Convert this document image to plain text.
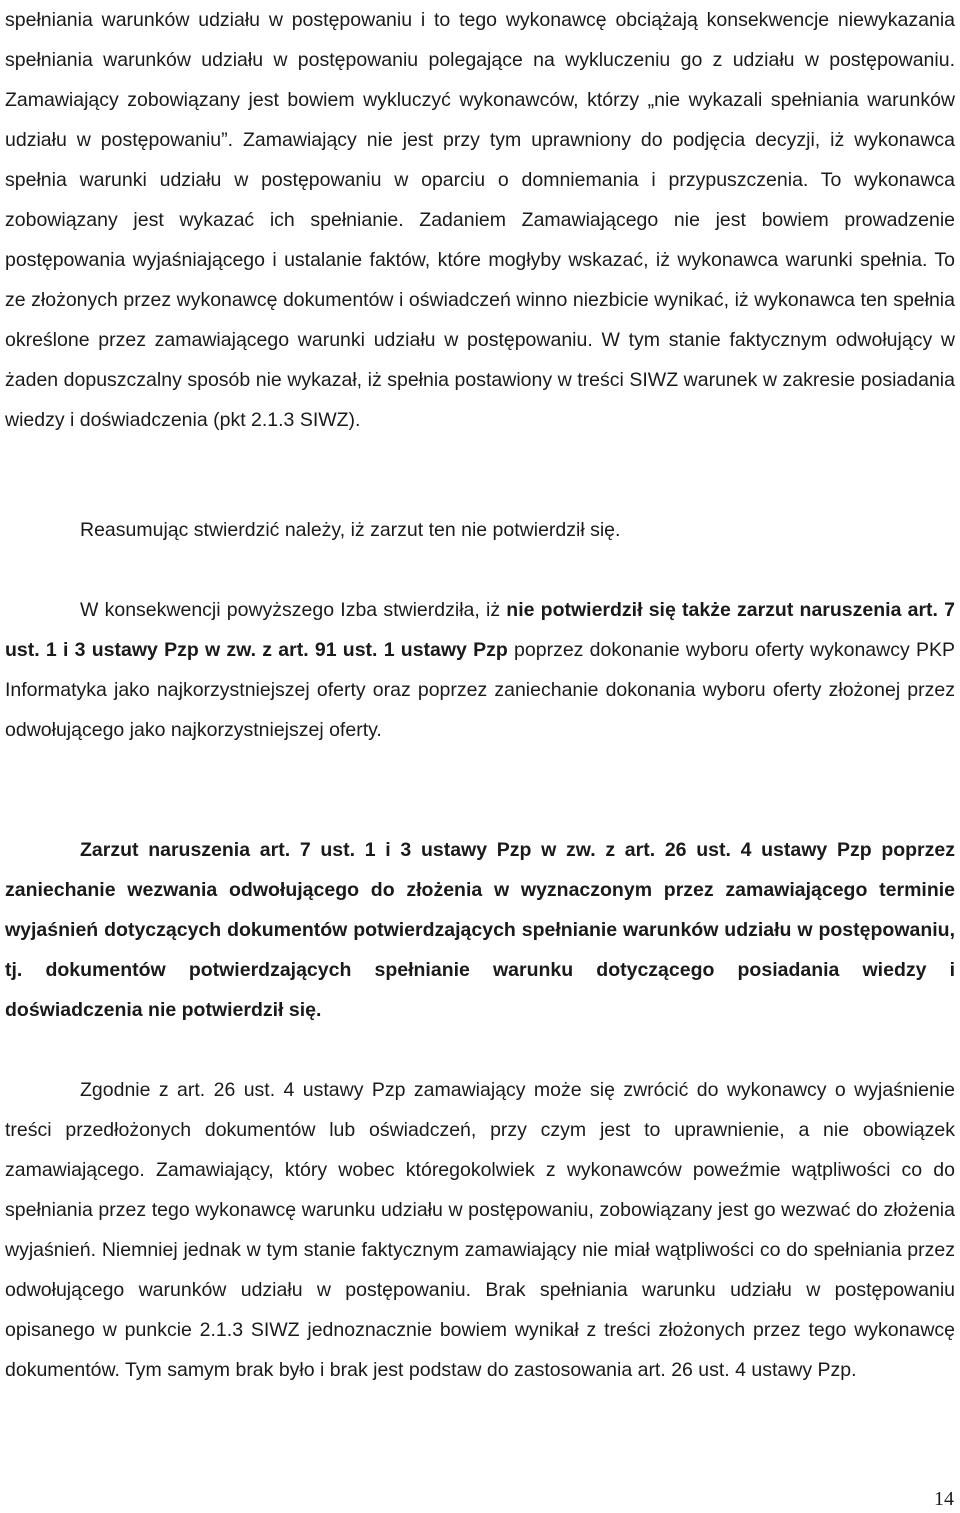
spełniania warunków udziału w postępowaniu i to tego wykonawcę obciążają konsekwencje niewykazania spełniania warunków udziału w postępowaniu polegające na wykluczeniu go z udziału w postępowaniu. Zamawiający zobowiązany jest bowiem wykluczyć wykonawców, którzy „nie wykazali spełniania warunków udziału w postępowaniu”. Zamawiający nie jest przy tym uprawniony do podjęcia decyzji, iż wykonawca spełnia warunki udziału w postępowaniu w oparciu o domniemania i przypuszczenia. To wykonawca zobowiązany jest wykazać ich spełnianie. Zadaniem Zamawiającego nie jest bowiem prowadzenie postępowania wyjaśniającego i ustalanie faktów, które mogłyby wskazać, iż wykonawca warunki spełnia. To ze złożonych przez wykonawcę dokumentów i oświadczeń winno niezbicie wynikać, iż wykonawca ten spełnia określone przez zamawiającego warunki udziału w postępowaniu. W tym stanie faktycznym odwołujący w żaden dopuszczalny sposób nie wykazał, iż spełnia postawiony w treści SIWZ warunek w zakresie posiadania wiedzy i doświadczenia (pkt 2.1.3 SIWZ).

Reasumując stwierdzić należy, iż zarzut ten nie potwierdził się.

W konsekwencji powyższego Izba stwierdziła, iż nie potwierdził się także zarzut naruszenia art. 7 ust. 1 i 3 ustawy Pzp w zw. z art. 91 ust. 1 ustawy Pzp poprzez dokonanie wyboru oferty wykonawcy PKP Informatyka jako najkorzystniejszej oferty oraz poprzez zaniechanie dokonania wyboru oferty złożonej przez odwołującego jako najkorzystniejszej oferty.

Zarzut naruszenia art. 7 ust. 1 i 3 ustawy Pzp w zw. z art. 26 ust. 4 ustawy Pzp poprzez zaniechanie wezwania odwołującego do złożenia w wyznaczonym przez zamawiającego terminie wyjaśnień dotyczących dokumentów potwierdzających spełnianie warunków udziału w postępowaniu, tj. dokumentów potwierdzających spełnianie warunku dotyczącego posiadania wiedzy i doświadczenia nie potwierdził się.

Zgodnie z art. 26 ust. 4 ustawy Pzp zamawiający może się zwrócić do wykonawcy o wyjaśnienie treści przedłożonych dokumentów lub oświadczeń, przy czym jest to uprawnienie, a nie obowiązek zamawiającego. Zamawiający, który wobec któregokolwiek z wykonawców poweźmie wątpliwości co do spełniania przez tego wykonawcę warunku udziału w postępowaniu, zobowiązany jest go wezwać do złożenia wyjaśnień. Niemniej jednak w tym stanie faktycznym zamawiający nie miał wątpliwości co do spełniania przez odwołującego warunków udziału w postępowaniu. Brak spełniania warunku udziału w postępowaniu opisanego w punkcie 2.1.3 SIWZ jednoznacznie bowiem wynikał z treści złożonych przez tego wykonawcę dokumentów. Tym samym brak było i brak jest podstaw do zastosowania art. 26 ust. 4 ustawy Pzp.

14
